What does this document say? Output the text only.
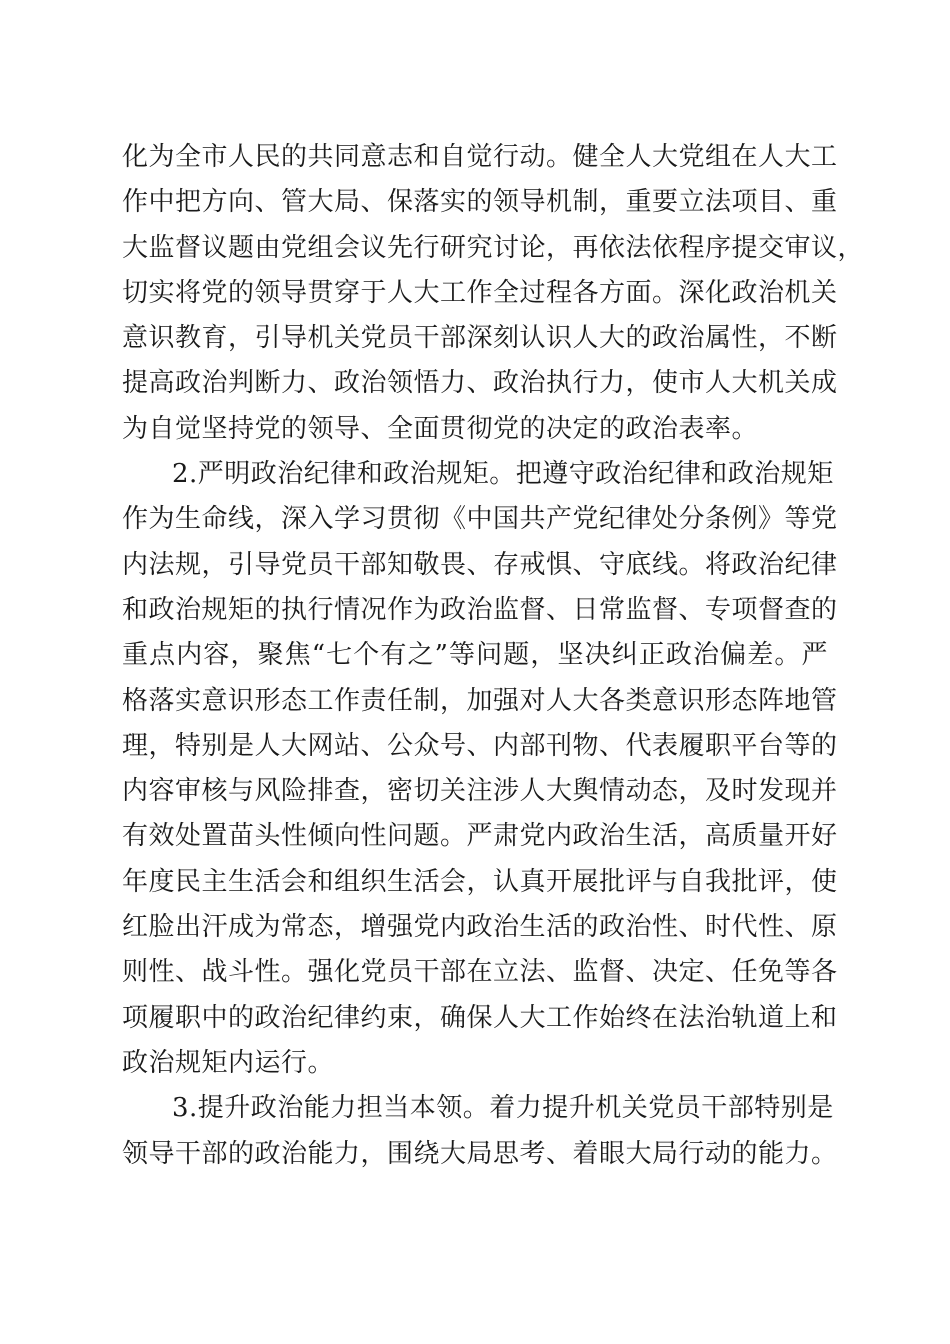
化为全市人民的共同意志和自觉行动。健全人大党组在人大工
作中把方向、管大局、保落实的领导机制，重要立法项目、重
大监督议题由党组会议先行研究讨论，再依法依程序提交审议，
切实将党的领导贯穿于人大工作全过程各方面。深化政治机关
意识教育，引导机关党员干部深刻认识人大的政治属性，不断
提高政治判断力、政治领悟力、政治执行力，使市人大机关成
为自觉坚持党的领导、全面贯彻党的决定的政治表率。
2.严明政治纪律和政治规矩。把遵守政治纪律和政治规矩
作为生命线，深入学习贯彻《中国共产党纪律处分条例》等党
内法规，引导党员干部知敬畏、存戒惧、守底线。将政治纪律
和政治规矩的执行情况作为政治监督、日常监督、专项督查的
重点内容，聚焦“七个有之”等问题，坚决纠正政治偏差。严
格落实意识形态工作责任制，加强对人大各类意识形态阵地管
理，特别是人大网站、公众号、内部刊物、代表履职平台等的
内容审核与风险排查，密切关注涉人大舆情动态，及时发现并
有效处置苗头性倾向性问题。严肃党内政治生活，高质量开好
年度民主生活会和组织生活会，认真开展批评与自我批评，使
红脸出汗成为常态，增强党内政治生活的政治性、时代性、原
则性、战斗性。强化党员干部在立法、监督、决定、任免等各
项履职中的政治纪律约束，确保人大工作始终在法治轨道上和
政治规矩内运行。
3.提升政治能力担当本领。着力提升机关党员干部特别是
领导干部的政治能力，围绕大局思考、着眼大局行动的能力。
